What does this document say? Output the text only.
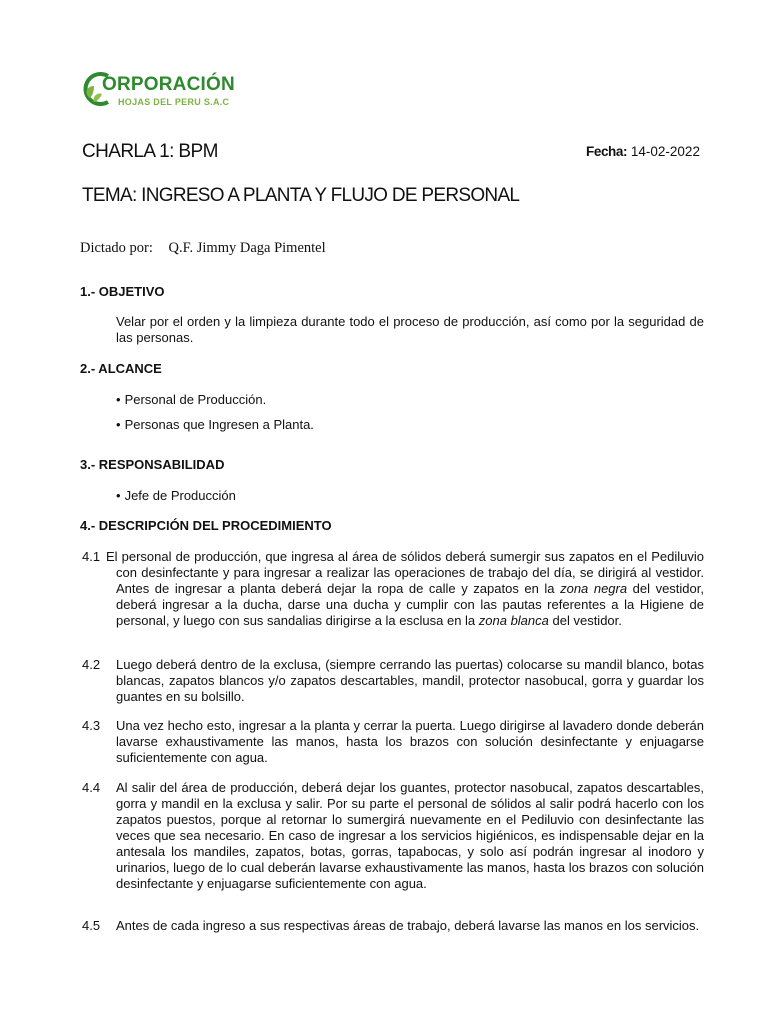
ORPORACIÓN
HOJAS DEL PERU S.A.C
CHARLA 1: BPM	Fecha: 14-02-2022
TEMA: INGRESO A PLANTA Y FLUJO DE PERSONAL
Dictado por: Q.F. Jimmy Daga Pimentel
1.- OBJETIVO
Velar por el orden y la limpieza durante todo el proceso de producción, así como por la seguridad de las personas.
2.- ALCANCE
• Personal de Producción.
• Personas que Ingresen a Planta.
3.- RESPONSABILIDAD
• Jefe de Producción
4.- DESCRIPCIÓN DEL PROCEDIMIENTO
4.1 El personal de producción, que ingresa al área de sólidos deberá sumergir sus zapatos en el Pediluvio con desinfectante y para ingresar a realizar las operaciones de trabajo del día, se dirigirá al vestidor. Antes de ingresar a planta deberá dejar la ropa de calle y zapatos en la zona negra del vestidor, deberá ingresar a la ducha, darse una ducha y cumplir con las pautas referentes a la Higiene de personal, y luego con sus sandalias dirigirse a la esclusa en la zona blanca del vestidor.
4.2 Luego deberá dentro de la exclusa, (siempre cerrando las puertas) colocarse su mandil blanco, botas blancas, zapatos blancos y/o zapatos descartables, mandil, protector nasobucal, gorra y guardar los guantes en su bolsillo.
4.3 Una vez hecho esto, ingresar a la planta y cerrar la puerta. Luego dirigirse al lavadero donde deberán lavarse exhaustivamente las manos, hasta los brazos con solución desinfectante y enjuagarse suficientemente con agua.
4.4 Al salir del área de producción, deberá dejar los guantes, protector nasobucal, zapatos descartables, gorra y mandil en la exclusa y salir. Por su parte el personal de sólidos al salir podrá hacerlo con los zapatos puestos, porque al retornar lo sumergirá nuevamente en el Pediluvio con desinfectante las veces que sea necesario. En caso de ingresar a los servicios higiénicos, es indispensable dejar en la antesala los mandiles, zapatos, botas, gorras, tapabocas, y solo así podrán ingresar al inodoro y urinarios, luego de lo cual deberán lavarse exhaustivamente las manos, hasta los brazos con solución desinfectante y enjuagarse suficientemente con agua.
4.5 Antes de cada ingreso a sus respectivas áreas de trabajo, deberá lavarse las manos en los servicios.
